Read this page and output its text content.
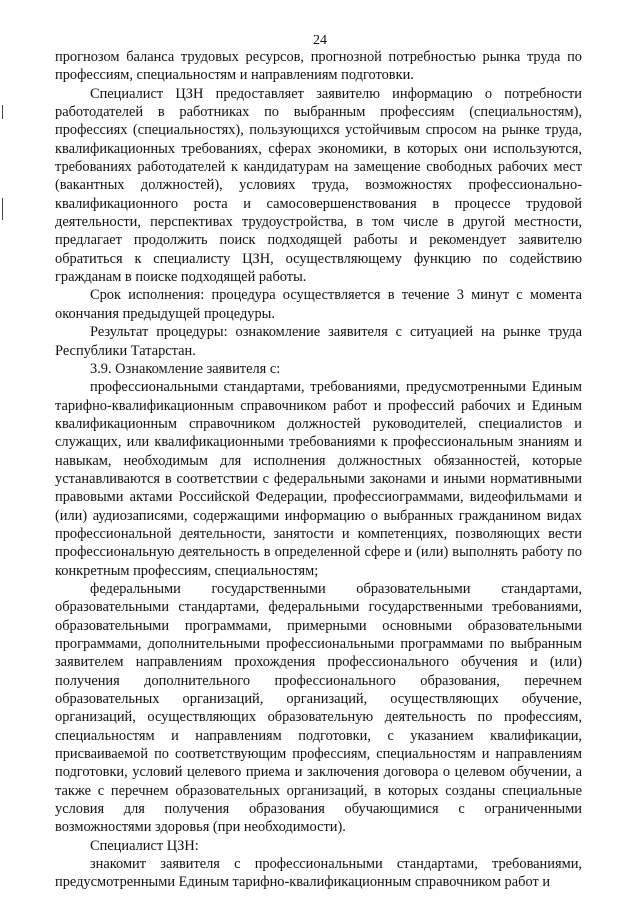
24

прогнозом баланса трудовых ресурсов, прогнозной потребностью рынка труда по профессиям, специальностям и направлениям подготовки.

Специалист ЦЗН предоставляет заявителю информацию о потребности работодателей в работниках по выбранным профессиям (специальностям), профессиях (специальностях), пользующихся устойчивым спросом на рынке труда, квалификационных требованиях, сферах экономики, в которых они используются, требованиях работодателей к кандидатурам на замещение свободных рабочих мест (вакантных должностей), условиях труда, возможностях профессионально-квалификационного роста и самосовершенствования в процессе трудовой деятельности, перспективах трудоустройства, в том числе в другой местности, предлагает продолжить поиск подходящей работы и рекомендует заявителю обратиться к специалисту ЦЗН, осуществляющему функцию по содействию гражданам в поиске подходящей работы.

Срок исполнения: процедура осуществляется в течение 3 минут с момента окончания предыдущей процедуры.

Результат процедуры: ознакомление заявителя с ситуацией на рынке труда Республики Татарстан.

3.9. Ознакомление заявителя с:

профессиональными стандартами, требованиями, предусмотренными Единым тарифно-квалификационным справочником работ и профессий рабочих и Единым квалификационным справочником должностей руководителей, специалистов и служащих, или квалификационными требованиями к профессиональным знаниям и навыкам, необходимым для исполнения должностных обязанностей, которые устанавливаются в соответствии с федеральными законами и иными нормативными правовыми актами Российской Федерации, профессиограммами, видеофильмами и (или) аудиозаписями, содержащими информацию о выбранных гражданином видах профессиональной деятельности, занятости и компетенциях, позволяющих вести профессиональную деятельность в определенной сфере и (или) выполнять работу по конкретным профессиям, специальностям;

федеральными государственными образовательными стандартами, образовательными стандартами, федеральными государственными требованиями, образовательными программами, примерными основными образовательными программами, дополнительными профессиональными программами по выбранным заявителем направлениям прохождения профессионального обучения и (или) получения дополнительного профессионального образования, перечнем образовательных организаций, организаций, осуществляющих обучение, организаций, осуществляющих образовательную деятельность по профессиям, специальностям и направлениям подготовки, с указанием квалификации, присваиваемой по соответствующим профессиям, специальностям и направлениям подготовки, условий целевого приема и заключения договора о целевом обучении, а также с перечнем образовательных организаций, в которых созданы специальные условия для получения образования обучающимися с ограниченными возможностями здоровья (при необходимости).

Специалист ЦЗН:

знакомит заявителя с профессиональными стандартами, требованиями, предусмотренными Единым тарифно-квалификационным справочником работ и
